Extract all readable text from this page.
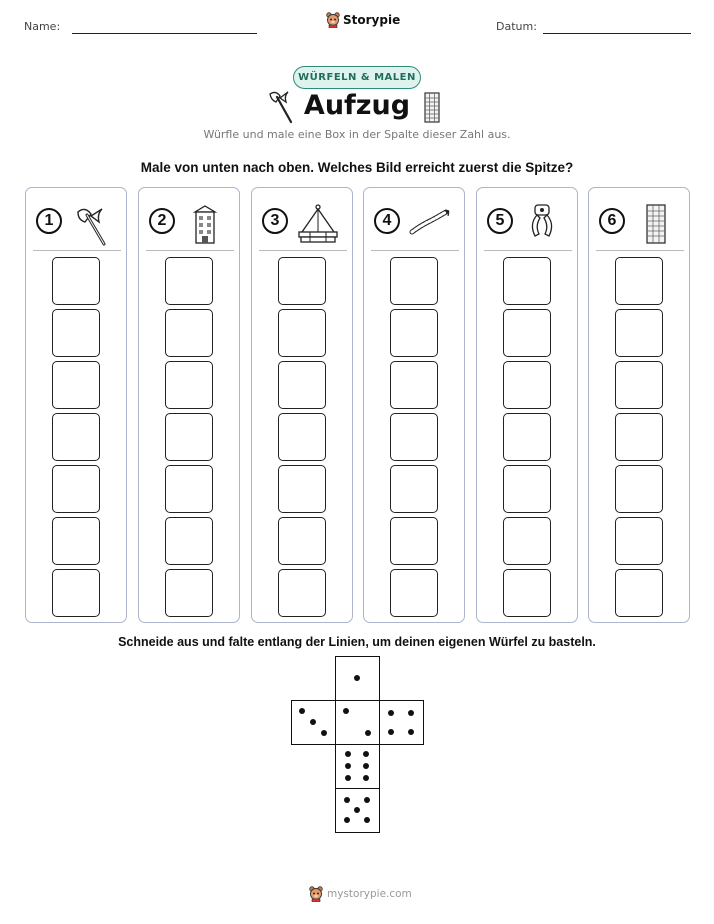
Name:	Storypie	Datum:
WÜRFELN & MALEN
Aufzug
Würfle und male eine Box in der Spalte dieser Zahl aus.
Male von unten nach oben. Welches Bild erreicht zuerst die Spitze?
1	2	3	4	5	6
Schneide aus und falte entlang der Linien, um deinen eigenen Würfel zu basteln.
mystorypie.com
